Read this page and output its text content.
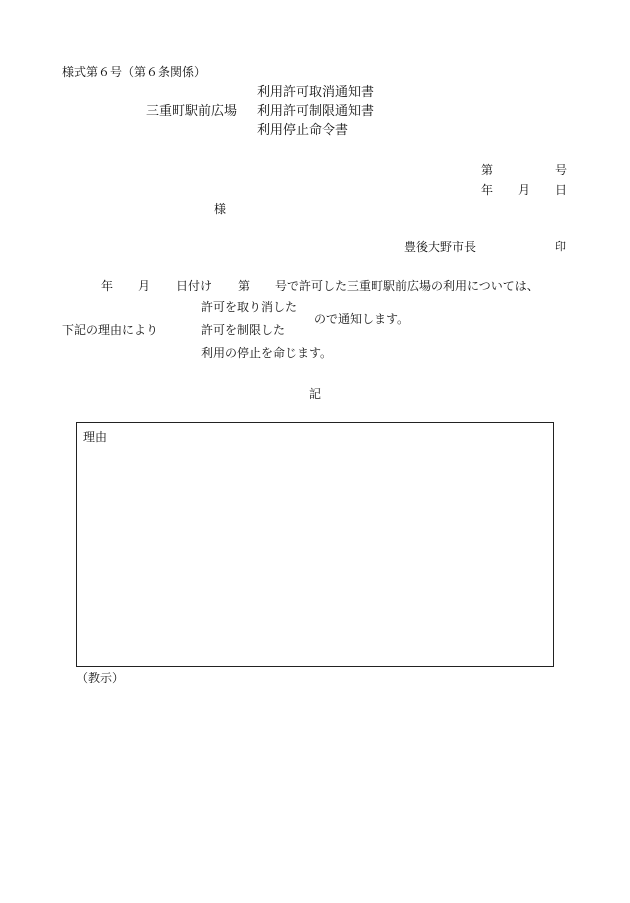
様式第６号（第６条関係）
三重町駅前広場
利用許可取消通知書
利用許可制限通知書
利用停止命令書
第	号
年 月 日
様
豊後大野市長	印
年 月 日付け 第 号で許可した三重町駅前広場の利用については、
許可を取り消した
下記の理由により	許可を制限した
ので通知します。
利用の停止を命じます。
記
理由
（教示）
